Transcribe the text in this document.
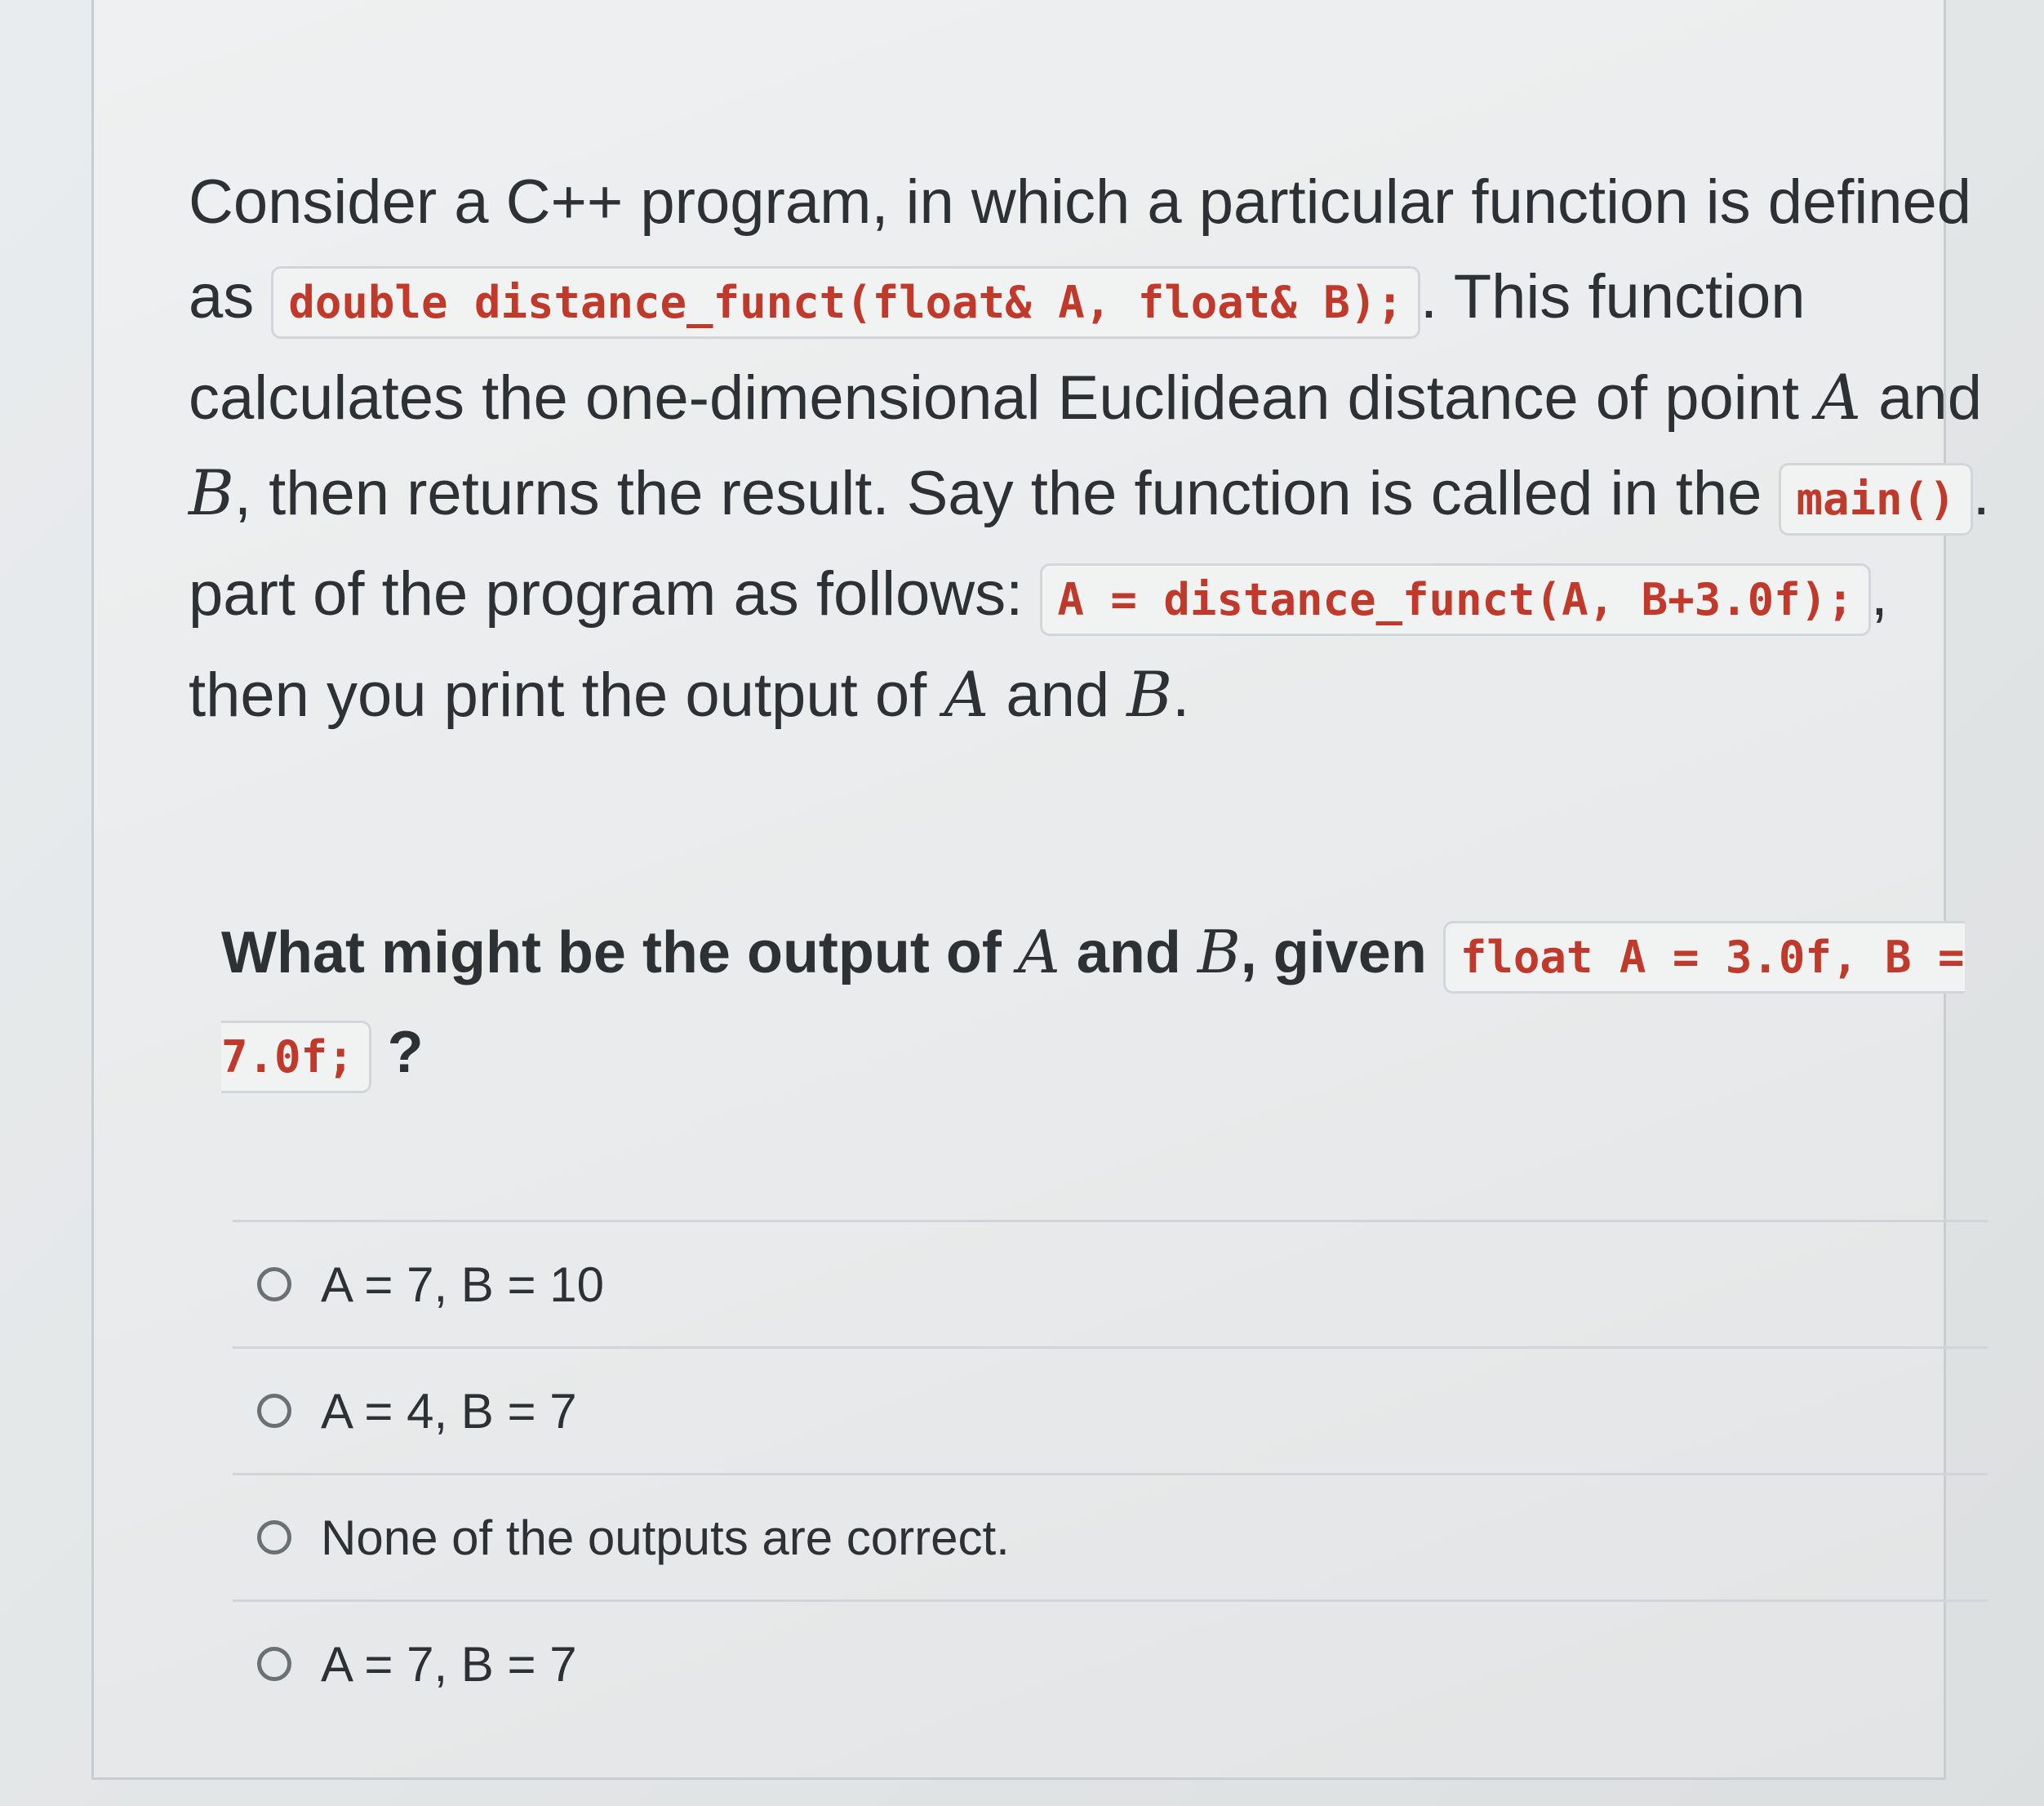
Consider a C++ program, in which a particular function is defined as double distance_funct(float& A, float& B); . This function calculates the one-dimensional Euclidean distance of point A and B, then returns the result. Say the function is called in the main() . part of the program as follows: A = distance_funct(A, B+3.0f); , then you print the output of A and B.

What might be the output of A and B, given float A = 3.0f, B = 7.0f; ?

A = 7, B = 10
A = 4, B = 7
None of the outputs are correct.
A = 7, B = 7
